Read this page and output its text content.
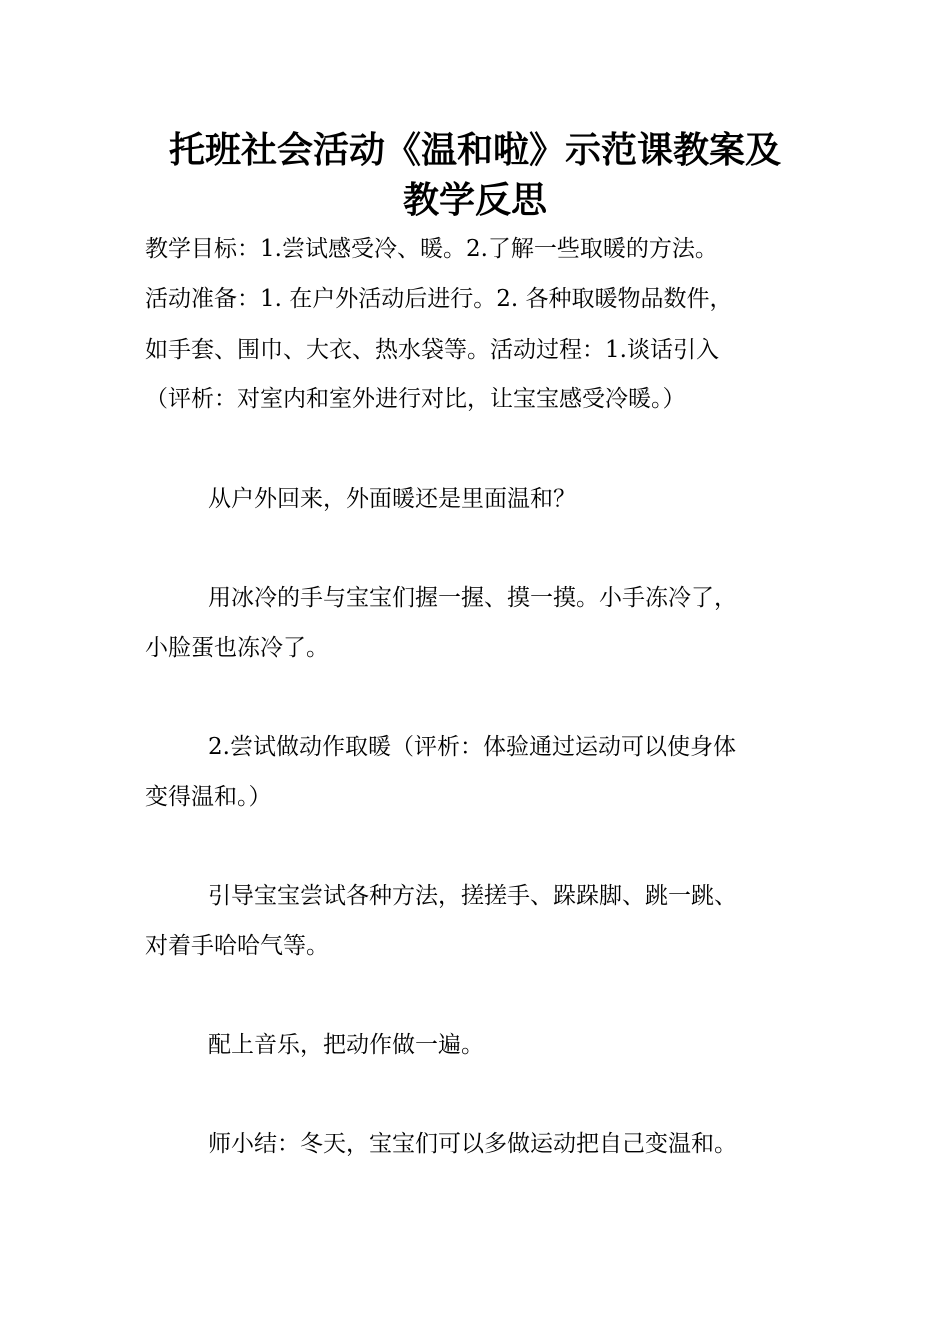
托班社会活动《温和啦》示范课教案及
教学反思

教学目标：1.尝试感受冷、暖。2.了解一些取暖的方法。

活动准备：1. 在户外活动后进行。2. 各种取暖物品数件，

如手套、围巾、大衣、热水袋等。活动过程：1.谈话引入

（评析：对室内和室外进行对比，让宝宝感受冷暖。）

从户外回来，外面暖还是里面温和？

用冰冷的手与宝宝们握一握、摸一摸。小手冻冷了，

小脸蛋也冻冷了。

2.尝试做动作取暖（评析：体验通过运动可以使身体

变得温和。）

引导宝宝尝试各种方法，搓搓手、跺跺脚、跳一跳、

对着手哈哈气等。

配上音乐，把动作做一遍。

师小结：冬天，宝宝们可以多做运动把自己变温和。
